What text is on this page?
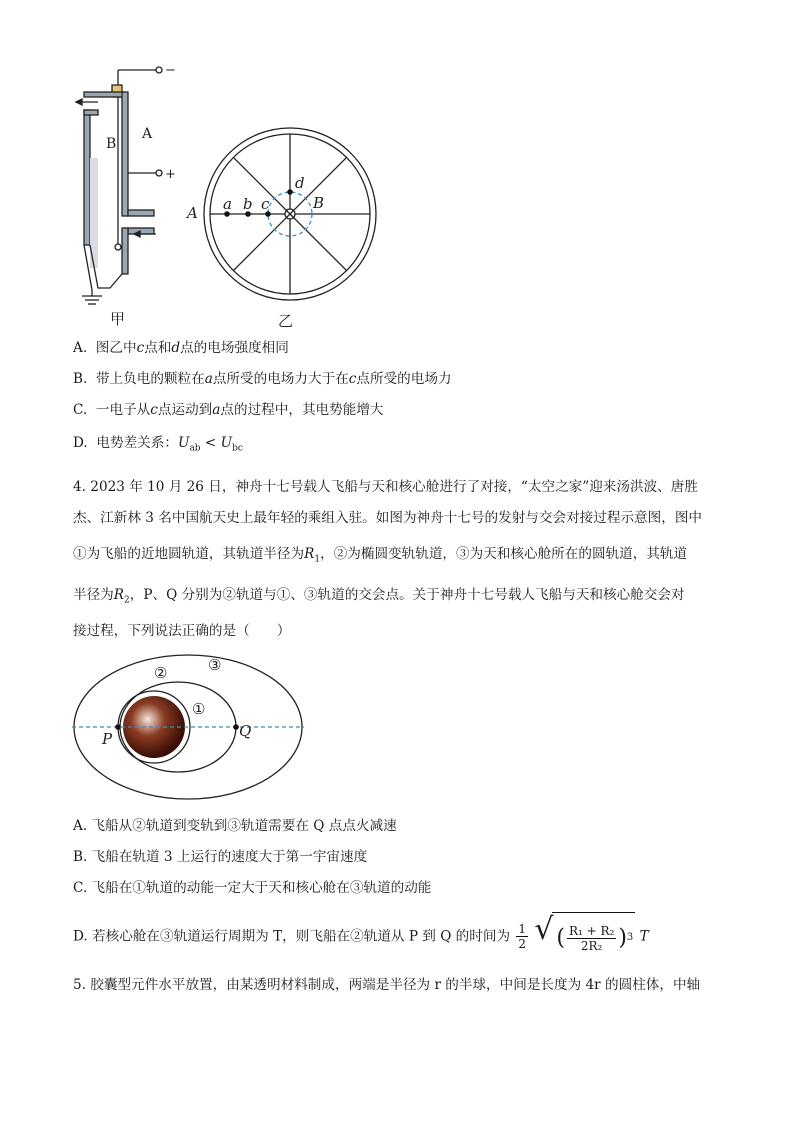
−
+
A
B
甲
A
B
a b c
d
乙
A. 图乙中c点和d点的电场强度相同
B. 带上负电的颗粒在a点所受的电场力大于在c点所受的电场力
C. 一电子从c点运动到a点的过程中，其电势能增大
D. 电势差关系：$U_{ab} < U_{bc}$
4. 2023 年 10 月 26 日，神舟十七号载人飞船与天和核心舱进行了对接，“太空之家”迎来汤洪波、唐胜
杰、江新林 3 名中国航天史上最年轻的乘组入驻。如图为神舟十七号的发射与交会对接过程示意图，图中
①为飞船的近地圆轨道，其轨道半径为$R_1$，②为椭圆变轨轨道，③为天和核心舱所在的圆轨道，其轨道
半径为$R_2$，P、Q 分别为②轨道与①、③轨道的交会点。关于神舟十七号载人飞船与天和核心舱交会对
接过程，下列说法正确的是（　　）
②	③
①
P	Q
A. 飞船从②轨道到变轨到③轨道需要在 Q 点点火减速
B. 飞船在轨道 3 上运行的速度大于第一宇宙速度
C. 飞船在①轨道的动能一定大于天和核心舱在③轨道的动能
D. 若核心舱在③轨道运行周期为 T，则飞船在②轨道从 P 到 Q 的时间为 $\frac{1}{2}$
√ ( $\frac{\text{R₁ + R₂}}{\text{2R₂}} )^3$ T
5. 胶囊型元件水平放置，由某透明材料制成，两端是半径为 r 的半球，中间是长度为 4r 的圆柱体，中轴
